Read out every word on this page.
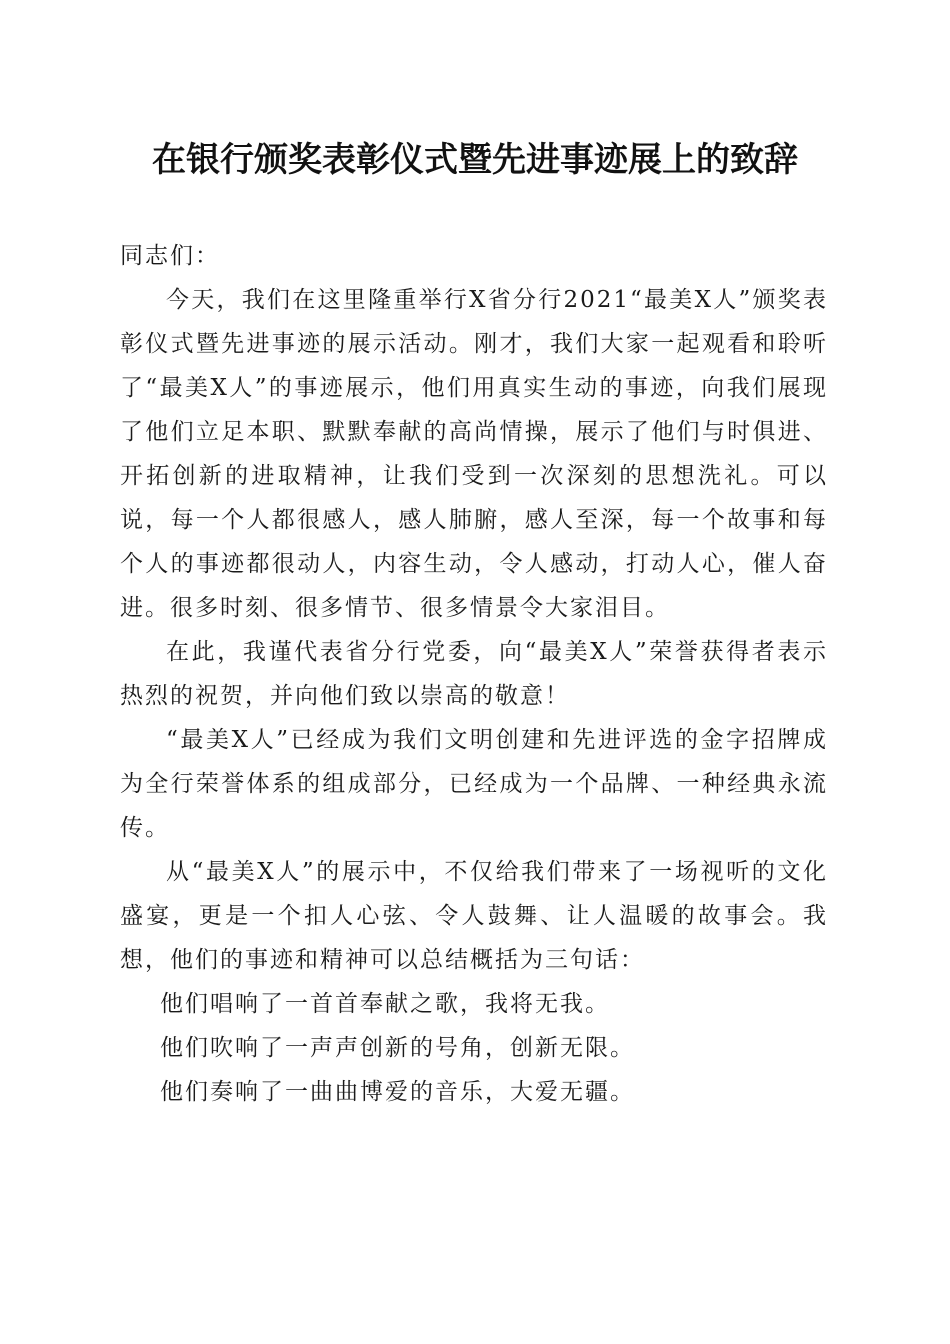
在银行颁奖表彰仪式暨先进事迹展上的致辞

同志们：

今天，我们在这里隆重举行X省分行2021“最美X人”颁奖表彰仪式暨先进事迹的展示活动。刚才，我们大家一起观看和聆听了“最美X人”的事迹展示，他们用真实生动的事迹，向我们展现了他们立足本职、默默奉献的高尚情操，展示了他们与时俱进、开拓创新的进取精神，让我们受到一次深刻的思想洗礼。可以说，每一个人都很感人，感人肺腑，感人至深，每一个故事和每个人的事迹都很动人，内容生动，令人感动，打动人心，催人奋进。很多时刻、很多情节、很多情景令大家泪目。

在此，我谨代表省分行党委，向“最美X人”荣誉获得者表示热烈的祝贺，并向他们致以崇高的敬意！

“最美X人”已经成为我们文明创建和先进评选的金字招牌成为全行荣誉体系的组成部分，已经成为一个品牌、一种经典永流传。

从“最美X人”的展示中，不仅给我们带来了一场视听的文化盛宴，更是一个扣人心弦、令人鼓舞、让人温暖的故事会。我想，他们的事迹和精神可以总结概括为三句话：

他们唱响了一首首奉献之歌，我将无我。

他们吹响了一声声创新的号角，创新无限。

他们奏响了一曲曲博爱的音乐，大爱无疆。
